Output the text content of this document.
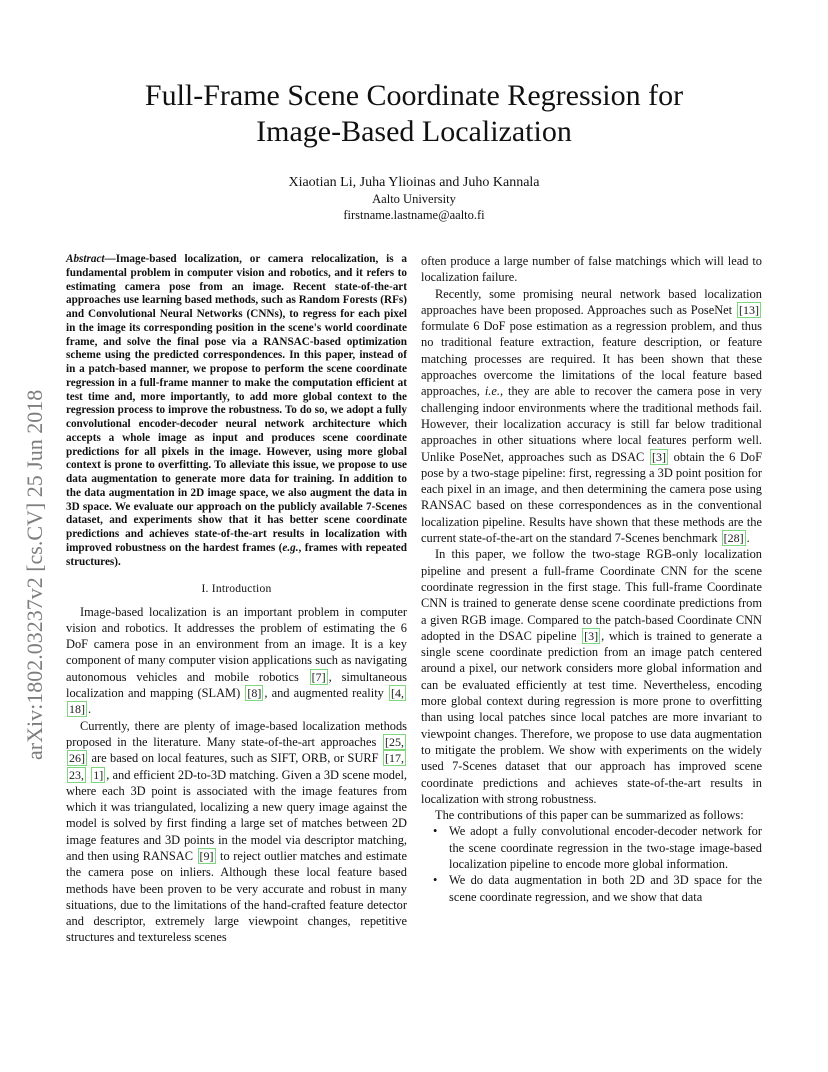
arXiv:1802.03237v2 [cs.CV] 25 Jun 2018
Full-Frame Scene Coordinate Regression for
Image-Based Localization
Xiaotian Li, Juha Ylioinas and Juho Kannala
Aalto University
firstname.lastname@aalto.fi

Abstract—Image-based localization, or camera relocalization, is a fundamental problem in computer vision and robotics, and it refers to estimating camera pose from an image. Recent state-of-the-art approaches use learning based methods, such as Random Forests (RFs) and Convolutional Neural Networks (CNNs), to regress for each pixel in the image its corresponding position in the scene's world coordinate frame, and solve the final pose via a RANSAC-based optimization scheme using the predicted correspondences. In this paper, instead of in a patch-based manner, we propose to perform the scene coordinate regression in a full-frame manner to make the computation efficient at test time and, more importantly, to add more global context to the regression process to improve the robustness. To do so, we adopt a fully convolutional encoder-decoder neural network architecture which accepts a whole image as input and produces scene coordinate predictions for all pixels in the image. However, using more global context is prone to overfitting. To alleviate this issue, we propose to use data augmentation to generate more data for training. In addition to the data augmentation in 2D image space, we also augment the data in 3D space. We evaluate our approach on the publicly available 7-Scenes dataset, and experiments show that it has better scene coordinate predictions and achieves state-of-the-art results in localization with improved robustness on the hardest frames (e.g., frames with repeated structures).

I. Introduction

Image-based localization is an important problem in computer vision and robotics. It addresses the problem of estimating the 6 DoF camera pose in an environment from an image. It is a key component of many computer vision applications such as navigating autonomous vehicles and mobile robotics [7] , simultaneous localization and mapping (SLAM) [8] , and augmented reality [4, 18] .

Currently, there are plenty of image-based localization methods proposed in the literature. Many state-of-the-art approaches [25, 26] are based on local features, such as SIFT, ORB, or SURF [17, 23, 1] , and efficient 2D-to-3D matching. Given a 3D scene model, where each 3D point is associated with the image features from which it was triangulated, localizing a new query image against the model is solved by first finding a large set of matches between 2D image features and 3D points in the model via descriptor matching, and then using RANSAC [9] to reject outlier matches and estimate the camera pose on inliers. Although these local feature based methods have been proven to be very accurate and robust in many situations, due to the limitations of the hand-crafted feature detector and descriptor, extremely large viewpoint changes, repetitive structures and textureless scenes

often produce a large number of false matchings which will lead to localization failure.

Recently, some promising neural network based localization approaches have been proposed. Approaches such as PoseNet [13] formulate 6 DoF pose estimation as a regression problem, and thus no traditional feature extraction, feature description, or feature matching processes are required. It has been shown that these approaches overcome the limitations of the local feature based approaches, i.e., they are able to recover the camera pose in very challenging indoor environments where the traditional methods fail. However, their localization accuracy is still far below traditional approaches in other situations where local features perform well. Unlike PoseNet, approaches such as DSAC [3] obtain the 6 DoF pose by a two-stage pipeline: first, regressing a 3D point position for each pixel in an image, and then determining the camera pose using RANSAC based on these correspondences as in the conventional localization pipeline. Results have shown that these methods are the current state-of-the-art on the standard 7-Scenes benchmark [28] .

In this paper, we follow the two-stage RGB-only localization pipeline and present a full-frame Coordinate CNN for the scene coordinate regression in the first stage. This full-frame Coordinate CNN is trained to generate dense scene coordinate predictions from a given RGB image. Compared to the patch-based Coordinate CNN adopted in the DSAC pipeline [3] , which is trained to generate a single scene coordinate prediction from an image patch centered around a pixel, our network considers more global information and can be evaluated efficiently at test time. Nevertheless, encoding more global context during regression is more prone to overfitting than using local patches since local patches are more invariant to viewpoint changes. Therefore, we propose to use data augmentation to mitigate the problem. We show with experiments on the widely used 7-Scenes dataset that our approach has improved scene coordinate predictions and achieves state-of-the-art results in localization with strong robustness.

The contributions of this paper can be summarized as follows:

• We adopt a fully convolutional encoder-decoder network for the scene coordinate regression in the two-stage image-based localization pipeline to encode more global information.
• We do data augmentation in both 2D and 3D space for the scene coordinate regression, and we show that data
